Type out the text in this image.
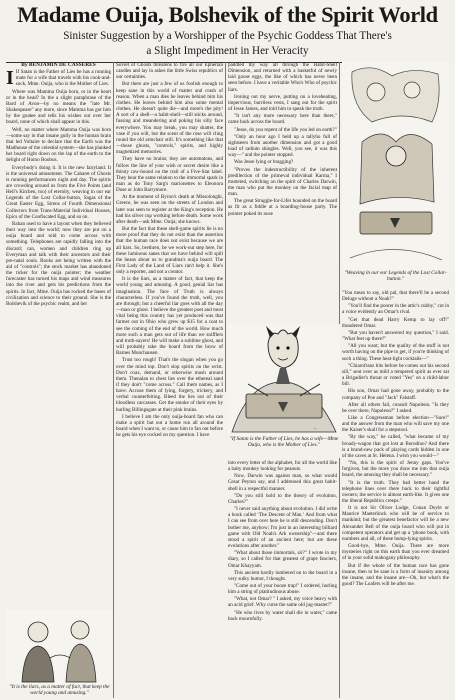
Madame Ouija, Bolshevik of the Spirit World
Sinister Suggestion by a Worshipper of the Psychic Goddess That There's
a Slight Impediment in Her Veracity

By BENJAMIN DE CASSERES

I If Satan is the Father of Lies he has a running mate for a wife that travels with his cook-and-sock, Mme. Ouija, who is the Mother of Lies.

Where was Mamma Ouija born, or in the heart or in the head? In the a slight paraphrase of the Bard of Avon—by no means the "late Mr. Shakespeare" any more, since Mamma has got him by the goatee and tells his wishes out over her board, none of which shall appear in this.

Well, no matter where Mamma Ouija was born—some say in that insane gully in the human brain that led Voltaire to declare that the Earth was the Madhouse of the celestial system—she has planked her board right down on the lap of the earth to the delight of Homo Boobus.

Everybody's doing it. It is the new fairyland. It is the universal amusement. The Cabaret of Ghosts is running performances night and day. The spirits are crowding around us from the Five Points (and Hell's Kitchen, too) of eternity, weaving in our ear Legends of the Lost Collar-button, Sagas of the Great Easter Egg, Sirens of Fourth Dimensional Collectors from Trans-Material Individual Houses, Epics of the Confiscated Egg, and so on.

Bahan used to have a layout when they believed their way into the world; now they are put on a ouija board and told to come across with something. Telephones are rapidly falling into the discard; can, women and children ring up Everyman and talk with their ancestors and their pre-natal souls. Books are being written with the aid of "controls"; the stock market has abandoned the ticker for the ouija pointer; the weather forecaster has turned his maps and wind measures into the river and gets his predictions from the spirits. In fact, Mme. Ouija has rocked the bases of civilization and science to their ground. She is the Bolshevik of the psychic realm, and her

Soviet of Ghosts threatens to fire all our Epherian candles and lay in ashes the little Swiss republics of our certainties.

But there are just a few of us foolish enough to keep sane in this world of matter and crash of reason. When a man dies he leaves behind him his clothes. He leaves behind him also some mental clothes. He doesn't quite die—and more's the pity! A sort of a shell—a habit-shell—still sticks around, fussing and meandering and poking his silly face everywhere. You may break, you may shatter, the vase if you will, but the scent of the rose will cling round the old armchair still. It's something like that—those ghosts, "controls," spirits, and highly magnetized memories.

They have no brains; they are automatons, and follow the line of your wish or secret desire like a thirsty raw-hound on the trail of a Five-Star label. They bear the same relation to the immortal spark in man as do Tony Sarg's marionettes to Eleonora Duse or John Barrymore.

At the moment of Byron's death at Missolonghi, Greece, he was seen on the streets of London and later was seen to register at the King's reception. He had his silver cup working before death. Some work after death—ask Mme. Ouija; she knows.

But the fact that these shell-game spirits lie is no more proof that they do not exist than the assertion that the human race does not exist because we are all liars. So, brethren, be we work-out step here, for these luminous sanes that we have behind will spill the beans about us to grandma's ouija board. The First Lady of the Land of Liars can't help it. She's only a reporter, and not a creator.

It is the liars, as a matter of fact, that keep the world young and amusing. A good, genial liar has imagination. The face of Truth is always characterless. If you've found the truth, well, you are through; but a cheerful liar goes with all the day—man or ghost. I believe the greatest poet and most vital being this country has yet produced was that farmer out in Ohio who grew up $15 for a coat to see the coming of the end of the world. How much more such a man gets out of life than we snifflers and truth-sayers! He will make a sublime ghost, and will probably take the board from the brow of Barnes Munchausen.

Trust too rough! That's the slogan when you go over the mind top. Don't slop spirits on the wrist. Don't coax, demand, or otherwise mush around them. Thenalan to chest lies over the ethereal sand if they don't "come across." Call them names, as I have. Accuse them of lying, forgery, trickery, and verbal counterfeiting. Bleed the lies out of their bloodless carcasses. Get the smoke of their eyes by hurling Billingsgate at their pink brains.

I believe I am the only ouija-board fan who can make a spirit bat out a home run all around the board when I want to, or cause him to fan out before he gets his eye cocked on my question. I have

paddled my way all through the Habit-Shell Dimension, and returned with a basketful of newly laid goose eggs, the like of which has never been seen before. I have a veritable Who's Who of psychic liars.

Ironing out my nerve, putting on a lovebeating, impervious, burriless vests, I sang out for the spirit of Jesse James, and told him to speak the truth.

"It isn't any more necessary here than there," came back across the board.

"Jesse, do you repent of the life you led on earth?"

"Only an hour ago I held up a tallyho full of sightseers from another dimension and got a good load of radium shingles. Well, you see, it was this way—" and the pointer stopped.

Was Jesse lying or bragging?

"Proves the indestructibility of the inherent predilection of the primeval individual Karma," I muttered, switching on the spirit of Charles Darwin, the man who put the monkey on the facial map of man.

The great Struggle-for-Lifer hounded on the board as fit as a fiddle at a boarding-house party. The pointer poked its nose

into every letter of the alphabet, for all the world like a baby monkey looking for peanuts.

Now, Darwin was against man, so what would Cesar Peyton say, and I addressed this great habit-shell in a respectful manner.

"Do you still hold to the theory of evolution, Charles?"

"I never said anything about evolution. I did write a book called ‘The Descent of Man.’ And from what I can see from over here he is still descending. Don't bother me, anyhow; I'm just in an interesting billiard game with Old Noah's Ark ownership"—and there stood a spirit of an ancient here; but are these evolutions after another."

"What about those immortals, sir?" I wrote in my diary, so I called for that greatest of grape fanciers, Omar Khayyam.

This ancient hardly lumbered on to the board in a very sulky humor, I thought.

"Come out of your booze trap!" I ordered, hurling him a string of platitudinous abuse.

"What, not Omar? " I asked, my voice heavy with an acid grief. Why curse the same old jug-master?"

"He who lives by water shall die in water," came back mournfully.

"You mean to say, old pal, that there'll be a second Deluge without a Noah?"

"You'll find the poorer in the attic's cubby," cut in a voice evidently an Omar's rival.

"Get that dead Harry Kemp to lay off!" thundered Omar.

"But you haven't answered my question," I said. "What feet up there?"

"All you want; but the quality of the stuff is not worth having on the pipe to get, if you're thinking of such a thing. These heat-light cocktails—"

"Chiarofranz hits before he comes out his second sill," sent over as mild a tempered spirit as ever sat a Brigadier's throat or voted "Yes" on a child-labor bill.

His son, Omar had gone away, probably to the company of Poe and "Jack" Falstaff.

After all others fail, consult Napoleon. "Is they be over there, Napoleon?" I asked.

Like a Congressman before election—"Sure!" and the answer from the man who will save my one the Kaiser's skull for a stepstool.

"By the way," he called, "what became of my broady-wagon that got lost at Borodino? And there is a brand-new pack of playing cards hidden in one of the caves at St. Helena. I wish you would—"

"No, this is the spirit of Jenny gaps. You've forgiven, but the more you draw me into that ouija board, the amusing they shall be necessary."

"It is the truth. They had better hand the telephone lines over there back to their rightful owners; the service is almost earth-like. It gives one the liberal Republics creeps."

It is not Sir Oliver Lodge, Conan Doyle or Maurice Maeterlinck who will be of service to mankind; but the greatest benefactor will be a new Alexander Bell of the ouija board who will put in competent operators and get up a ‘phone book, with numbers and all, of these bump-lying spirits.

Good-bye, Mme. Ouija. There are more mysteries right on this earth than you ever dreamed of in your solid mahogany philosophy.

But if the whole of the human race has gone insane, then to be sane is a form of insanity among the insane, and the insane are—Oh, but what's the good? The Loafers will be after me.

~
"If Satan is the Father of Lies, he has a wife—Mme Ouija, who is the Mother of Lies."
"Weaving in our ear Legends of the Lost Collar-button."
"It is the liars, as a matter of fact, that keep the world young and amusing."
